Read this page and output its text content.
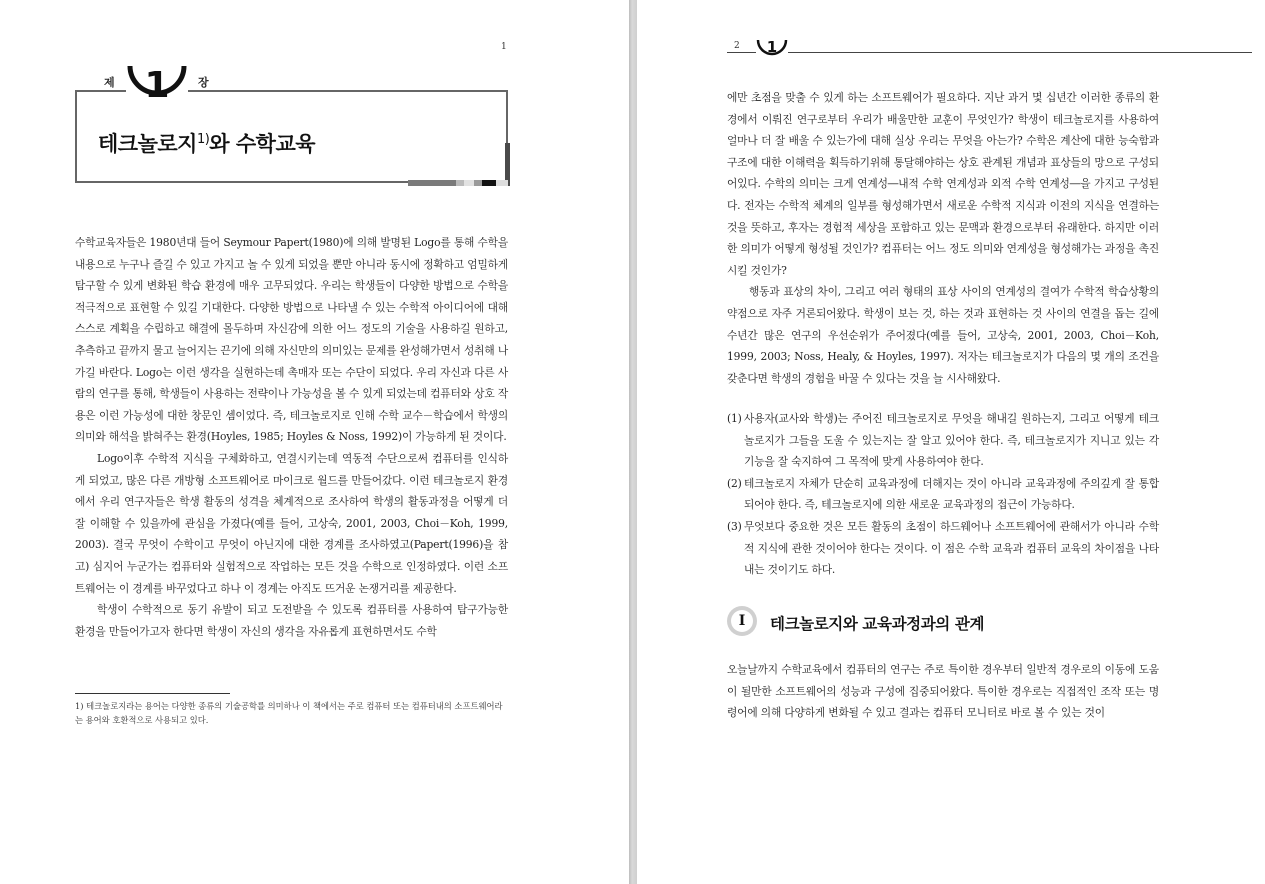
1
제	장
1
테크놀로지$^{1)}$와 수학교육

수학교육자들은 1980년대 들어 Seymour Papert(1980)에 의해 발명된 Logo를 통해 수학을 내용으로 누구나 즐길 수 있고 가지고 놀 수 있게 되었을 뿐만 아니라 동시에 정확하고 엄밀하게 탐구할 수 있게 변화된 학습 환경에 매우 고무되었다. 우리는 학생들이 다양한 방법으로 수학을 적극적으로 표현할 수 있길 기대한다. 다양한 방법으로 나타낼 수 있는 수학적 아이디어에 대해 스스로 계획을 수립하고 해결에 몰두하며 자신감에 의한 어느 정도의 기술을 사용하길 원하고, 추측하고 끝까지 물고 늘어지는 끈기에 의해 자신만의 의미있는 문제를 완성해가면서 성취해 나가길 바란다. Logo는 이런 생각을 실현하는데 촉매자 또는 수단이 되었다. 우리 자신과 다른 사람의 연구를 통해, 학생들이 사용하는 전략이나 가능성을 볼 수 있게 되었는데 컴퓨터와 상호 작용은 이런 가능성에 대한 창문인 셈이었다. 즉, 테크놀로지로 인해 수학 교수－학습에서 학생의 의미와 해석을 밝혀주는 환경(Hoyles, 1985; Hoyles & Noss, 1992)이 가능하게 된 것이다.

Logo이후 수학적 지식을 구체화하고, 연결시키는데 역동적 수단으로써 컴퓨터를 인식하게 되었고, 많은 다른 개방형 소프트웨어로 마이크로 월드를 만들어갔다. 이런 테크놀로지 환경에서 우리 연구자들은 학생 활동의 성격을 체계적으로 조사하여 학생의 활동과정을 어떻게 더 잘 이해할 수 있을까에 관심을 가졌다(예를 들어, 고상숙, 2001, 2003, Choi－Koh, 1999, 2003). 결국 무엇이 수학이고 무엇이 아닌지에 대한 경계를 조사하였고(Papert(1996)을 참고) 심지어 누군가는 컴퓨터와 실험적으로 작업하는 모든 것을 수학으로 인정하였다. 이런 소프트웨어는 이 경계를 바꾸었다고 하나 이 경계는 아직도 뜨거운 논쟁거리를 제공한다.

학생이 수학적으로 동기 유발이 되고 도전받을 수 있도록 컴퓨터를 사용하여 탐구가능한 환경을 만들어가고자 한다면 학생이 자신의 생각을 자유롭게 표현하면서도 수학

1) 테크놀로지라는 용어는 다양한 종류의 기술공학를 의미하나 이 책에서는 주로 컴퓨터 또는 컴퓨터내의 소프트웨어라는 용어와 호환적으로 사용되고 있다.
2 1

에만 초점을 맞출 수 있게 하는 소프트웨어가 필요하다. 지난 과거 몇 십년간 이러한 종류의 환경에서 이뤄진 연구로부터 우리가 배울만한 교훈이 무엇인가? 학생이 테크놀로지를 사용하여 얼마나 더 잘 배울 수 있는가에 대해 실상 우리는 무엇을 아는가? 수학은 계산에 대한 능숙함과 구조에 대한 이해력을 획득하기위해 통달해야하는 상호 관계된 개념과 표상들의 망으로 구성되어있다. 수학의 의미는 크게 연계성―내적 수학 연계성과 외적 수학 연계성―을 가지고 구성된다. 전자는 수학적 체계의 일부를 형성해가면서 새로운 수학적 지식과 이전의 지식을 연결하는 것을 뜻하고, 후자는 경험적 세상을 포함하고 있는 문맥과 환경으로부터 유래한다. 하지만 이러한 의미가 어떻게 형성될 것인가? 컴퓨터는 어느 정도 의미와 연계성을 형성해가는 과정을 촉진시킬 것인가?

행동과 표상의 차이, 그리고 여러 형태의 표상 사이의 연계성의 결여가 수학적 학습상황의 약점으로 자주 거론되어왔다. 학생이 보는 것, 하는 것과 표현하는 것 사이의 연결을 돕는 길에 수년간 많은 연구의 우선순위가 주어졌다(예를 들어, 고상숙, 2001, 2003, Choi－Koh, 1999, 2003; Noss, Healy, & Hoyles, 1997). 저자는 테크놀로지가 다음의 몇 개의 조건을 갖춘다면 학생의 경험을 바꿀 수 있다는 것을 늘 시사해왔다.

(1) 사용자(교사와 학생)는 주어진 테크놀로지로 무엇을 해내길 원하는지, 그리고 어떻게 테크놀로지가 그들을 도울 수 있는지는 잘 알고 있어야 한다. 즉, 테크놀로지가 지니고 있는 각 기능을 잘 숙지하여 그 목적에 맞게 사용하여야 한다.
(2) 테크놀로지 자체가 단순히 교육과정에 더해지는 것이 아니라 교육과정에 주의깊게 잘 통합되어야 한다. 즉, 테크놀로지에 의한 새로운 교육과정의 접근이 가능하다.
(3) 무엇보다 중요한 것은 모든 활동의 초점이 하드웨어나 소프트웨어에 관해서가 아니라 수학적 지식에 관한 것이어야 한다는 것이다. 이 점은 수학 교육과 컴퓨터 교육의 차이점을 나타내는 것이기도 하다.
I	테크놀로지와 교육과정과의 관계

오늘날까지 수학교육에서 컴퓨터의 연구는 주로 특이한 경우부터 일반적 경우로의 이동에 도움이 될만한 소프트웨어의 성능과 구성에 집중되어왔다. 특이한 경우로는 직접적인 조작 또는 명령어에 의해 다양하게 변화될 수 있고 결과는 컴퓨터 모니터로 바로 볼 수 있는 것이
